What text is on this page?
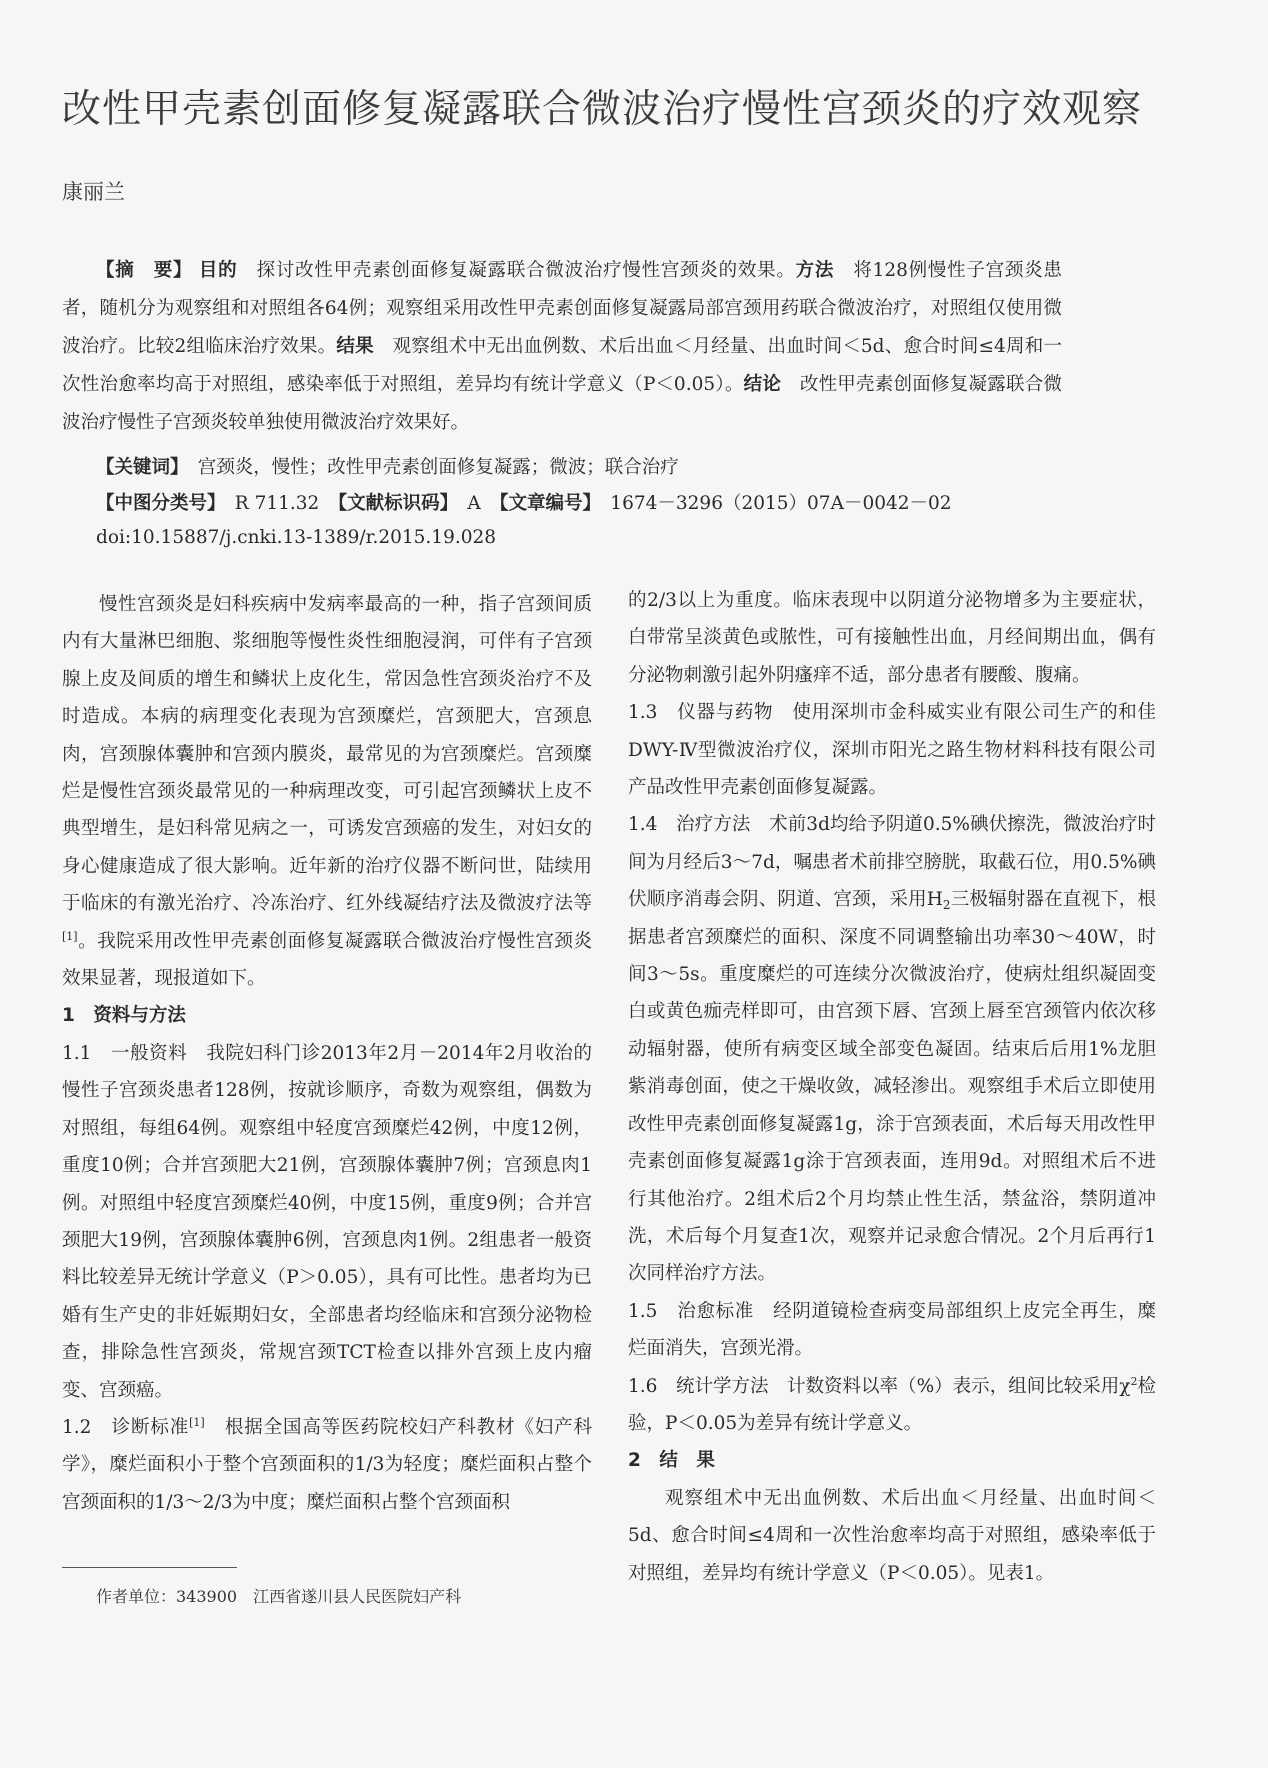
改性甲壳素创面修复凝露联合微波治疗慢性宫颈炎的疗效观察
康丽兰
【摘　要】 目的　 探讨改性甲壳素创面修复凝露联合微波治疗慢性宫颈炎的效果。方法　 将128例慢性子宫颈炎患者，随机分为观察组和对照组各64例；观察组采用改性甲壳素创面修复凝露局部宫颈用药联合微波治疗，对照组仅使用微波治疗。比较2组临床治疗效果。结果　 观察组术中无出血例数、术后出血＜月经量、出血时间＜5d、愈合时间≤4周和一次性治愈率均高于对照组，感染率低于对照组，差异均有统计学意义（P＜0.05）。结论　 改性甲壳素创面修复凝露联合微波治疗慢性子宫颈炎较单独使用微波治疗效果好。
【关键词】　 宫颈炎，慢性；改性甲壳素创面修复凝露；微波；联合治疗
【中图分类号】　 R 711.32　 【文献标识码】　 A　 【文章编号】　 1674－3296（2015）07A－0042－02
doi:10.15887/j.cnki.13-1389/r.2015.19.028

慢性宫颈炎是妇科疾病中发病率最高的一种，指子宫颈间质内有大量淋巴细胞、浆细胞等慢性炎性细胞浸润，可伴有子宫颈腺上皮及间质的增生和鳞状上皮化生，常因急性宫颈炎治疗不及时造成。本病的病理变化表现为宫颈糜烂，宫颈肥大，宫颈息肉，宫颈腺体囊肿和宫颈内膜炎，最常见的为宫颈糜烂。宫颈糜烂是慢性宫颈炎最常见的一种病理改变，可引起宫颈鳞状上皮不典型增生，是妇科常见病之一，可诱发宫颈癌的发生，对妇女的身心健康造成了很大影响。近年新的治疗仪器不断问世，陆续用于临床的有激光治疗、冷冻治疗、红外线凝结疗法及微波疗法等[1]。我院采用改性甲壳素创面修复凝露联合微波治疗慢性宫颈炎效果显著，现报道如下。

1　资料与方法

1.1　一般资料　我院妇科门诊2013年2月－2014年2月收治的慢性子宫颈炎患者128例，按就诊顺序，奇数为观察组，偶数为对照组，每组64例。观察组中轻度宫颈糜烂42例，中度12例，重度10例；合并宫颈肥大21例，宫颈腺体囊肿7例；宫颈息肉1例。对照组中轻度宫颈糜烂40例，中度15例，重度9例；合并宫颈肥大19例，宫颈腺体囊肿6例，宫颈息肉1例。2组患者一般资料比较差异无统计学意义（P＞0.05），具有可比性。患者均为已婚有生产史的非妊娠期妇女，全部患者均经临床和宫颈分泌物检查，排除急性宫颈炎，常规宫颈TCT检查以排外宫颈上皮内瘤变、宫颈癌。

1.2　诊断标准[1]　根据全国高等医药院校妇产科教材《妇产科学》，糜烂面积小于整个宫颈面积的1/3为轻度；糜烂面积占整个宫颈面积的1/3～2/3为中度；糜烂面积占整个宫颈面积

的2/3以上为重度。临床表现中以阴道分泌物增多为主要症状，白带常呈淡黄色或脓性，可有接触性出血，月经间期出血，偶有分泌物刺激引起外阴瘙痒不适，部分患者有腰酸、腹痛。

1.3　仪器与药物　使用深圳市金科威实业有限公司生产的和佳DWY-Ⅳ型微波治疗仪，深圳市阳光之路生物材料科技有限公司产品改性甲壳素创面修复凝露。

1.4　治疗方法　术前3d均给予阴道0.5%碘伏擦洗，微波治疗时间为月经后3～7d，嘱患者术前排空膀胱，取截石位，用0.5%碘伏顺序消毒会阴、阴道、宫颈，采用$H_2$三极辐射器在直视下，根据患者宫颈糜烂的面积、深度不同调整输出功率30～40W，时间3～5s。重度糜烂的可连续分次微波治疗，使病灶组织凝固变白或黄色痂壳样即可，由宫颈下唇、宫颈上唇至宫颈管内依次移动辐射器，使所有病变区域全部变色凝固。结束后后用1%龙胆紫消毒创面，使之干燥收敛，减轻渗出。观察组手术后立即使用改性甲壳素创面修复凝露1g，涂于宫颈表面，术后每天用改性甲壳素创面修复凝露1g涂于宫颈表面，连用9d。对照组术后不进行其他治疗。2组术后2个月均禁止性生活，禁盆浴，禁阴道冲洗，术后每个月复查1次，观察并记录愈合情况。2个月后再行1次同样治疗方法。

1.5　治愈标准　经阴道镜检查病变局部组织上皮完全再生，糜烂面消失，宫颈光滑。

1.6　统计学方法　计数资料以率（%）表示，组间比较采用$\chi^2$检验，P＜0.05为差异有统计学意义。

2　结　果

观察组术中无出血例数、术后出血＜月经量、出血时间＜5d、愈合时间≤4周和一次性治愈率均高于对照组，感染率低于对照组，差异均有统计学意义（P＜0.05）。见表1。

作者单位：343900　江西省遂川县人民医院妇产科
